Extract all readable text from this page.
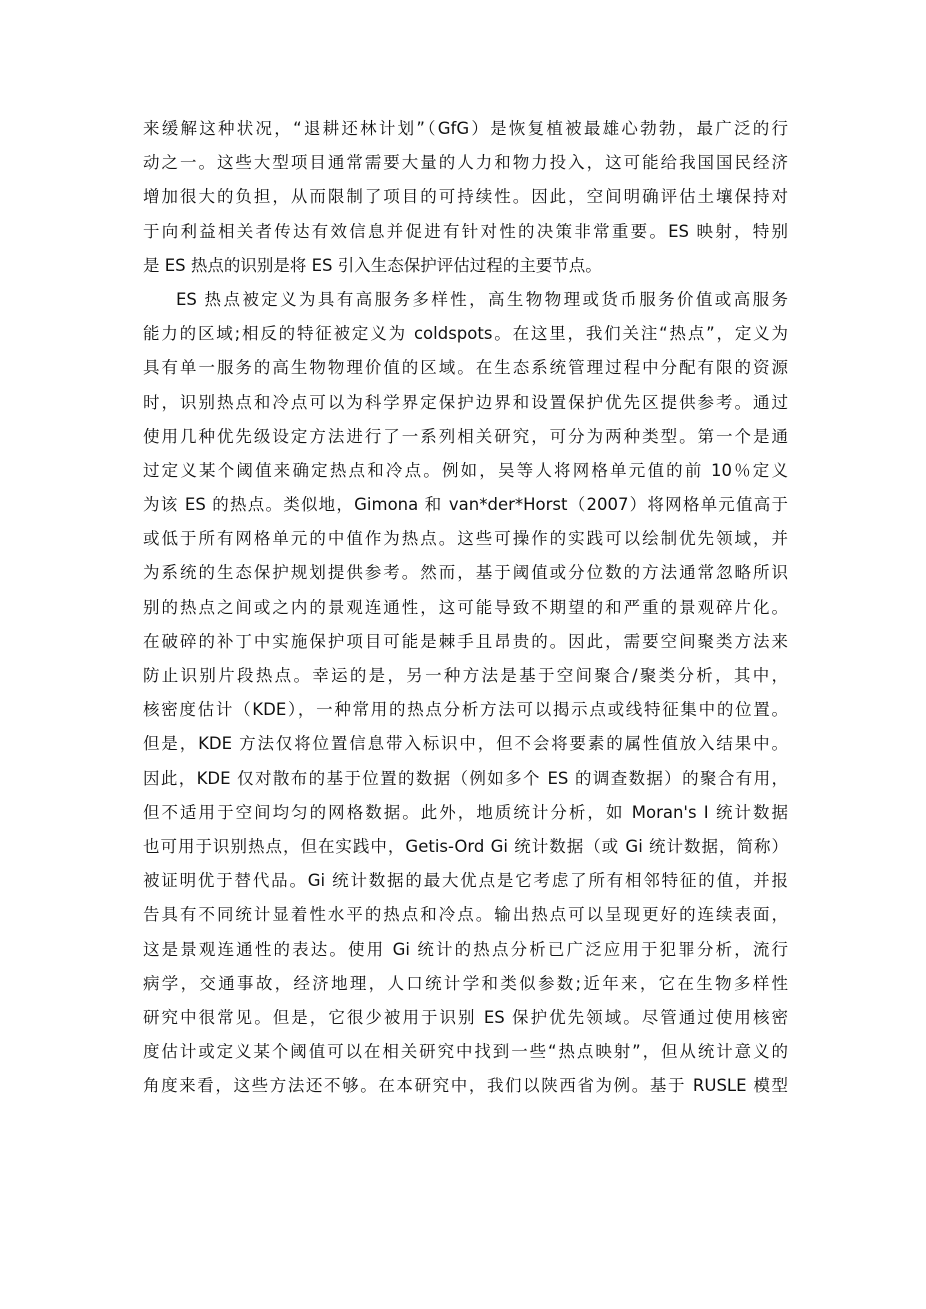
来缓解这种状况，“退耕还林计划”（GfG）是恢复植被最雄心勃勃，最广泛的行
动之一。这些大型项目通常需要大量的人力和物力投入，这可能给我国国民经济
增加很大的负担，从而限制了项目的可持续性。因此，空间明确评估土壤保持对
于向利益相关者传达有效信息并促进有针对性的决策非常重要。ES 映射，特别
是 ES 热点的识别是将 ES 引入生态保护评估过程的主要节点。
ES 热点被定义为具有高服务多样性，高生物物理或货币服务价值或高服务
能力的区域;相反的特征被定义为 coldspots。在这里，我们关注“热点”，定义为
具有单一服务的高生物物理价值的区域。在生态系统管理过程中分配有限的资源
时，识别热点和冷点可以为科学界定保护边界和设置保护优先区提供参考。通过
使用几种优先级设定方法进行了一系列相关研究，可分为两种类型。第一个是通
过定义某个阈值来确定热点和冷点。例如，吴等人将网格单元值的前 10％定义
为该 ES 的热点。类似地，Gimona 和 van*der*Horst（2007）将网格单元值高于
或低于所有网格单元的中值作为热点。这些可操作的实践可以绘制优先领域，并
为系统的生态保护规划提供参考。然而，基于阈值或分位数的方法通常忽略所识
别的热点之间或之内的景观连通性，这可能导致不期望的和严重的景观碎片化。
在破碎的补丁中实施保护项目可能是棘手且昂贵的。因此，需要空间聚类方法来
防止识别片段热点。幸运的是，另一种方法是基于空间聚合/聚类分析，其中，
核密度估计（KDE），一种常用的热点分析方法可以揭示点或线特征集中的位置。
但是，KDE 方法仅将位置信息带入标识中，但不会将要素的属性值放入结果中。
因此，KDE 仅对散布的基于位置的数据（例如多个 ES 的调查数据）的聚合有用，
但不适用于空间均匀的网格数据。此外，地质统计分析，如 Moran's I 统计数据
也可用于识别热点，但在实践中，Getis-Ord Gi 统计数据（或 Gi 统计数据，简称）
被证明优于替代品。Gi 统计数据的最大优点是它考虑了所有相邻特征的值，并报
告具有不同统计显着性水平的热点和冷点。输出热点可以呈现更好的连续表面，
这是景观连通性的表达。使用 Gi 统计的热点分析已广泛应用于犯罪分析，流行
病学，交通事故，经济地理，人口统计学和类似参数;近年来，它在生物多样性
研究中很常见。但是，它很少被用于识别 ES 保护优先领域。尽管通过使用核密
度估计或定义某个阈值可以在相关研究中找到一些“热点映射”，但从统计意义的
角度来看，这些方法还不够。在本研究中，我们以陕西省为例。基于 RUSLE 模型
